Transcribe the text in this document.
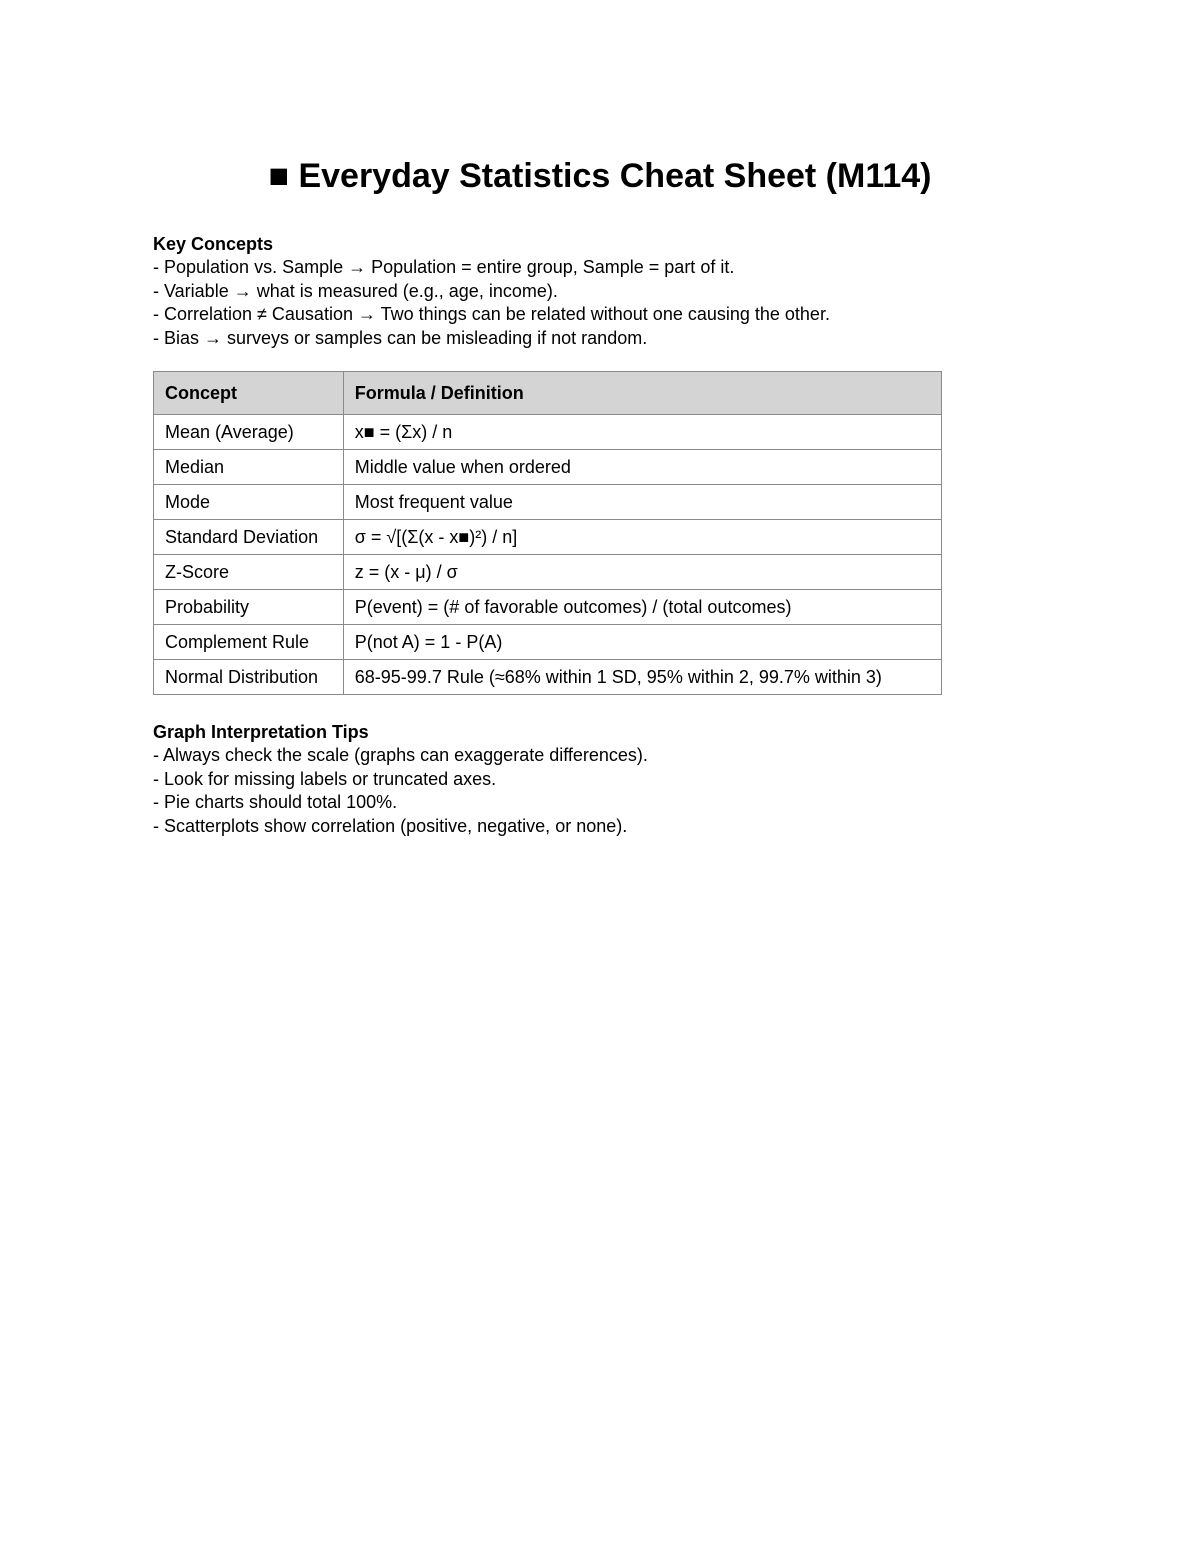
■ Everyday Statistics Cheat Sheet (M114)
Key Concepts
- Population vs. Sample → Population = entire group, Sample = part of it.
- Variable → what is measured (e.g., age, income).
- Correlation ≠ Causation → Two things can be related without one causing the other.
- Bias → surveys or samples can be misleading if not random.
Concept	Formula / Definition
Mean (Average)	x■ = (Σx) / n
Median	Middle value when ordered
Mode	Most frequent value
Standard Deviation	σ = √[(Σ(x - x■)²) / n]
Z-Score	z = (x - μ) / σ
Probability	P(event) = (# of favorable outcomes) / (total outcomes)
Complement Rule	P(not A) = 1 - P(A)
Normal Distribution	68-95-99.7 Rule (≈68% within 1 SD, 95% within 2, 99.7% within 3)
Graph Interpretation Tips
- Always check the scale (graphs can exaggerate differences).
- Look for missing labels or truncated axes.
- Pie charts should total 100%.
- Scatterplots show correlation (positive, negative, or none).
